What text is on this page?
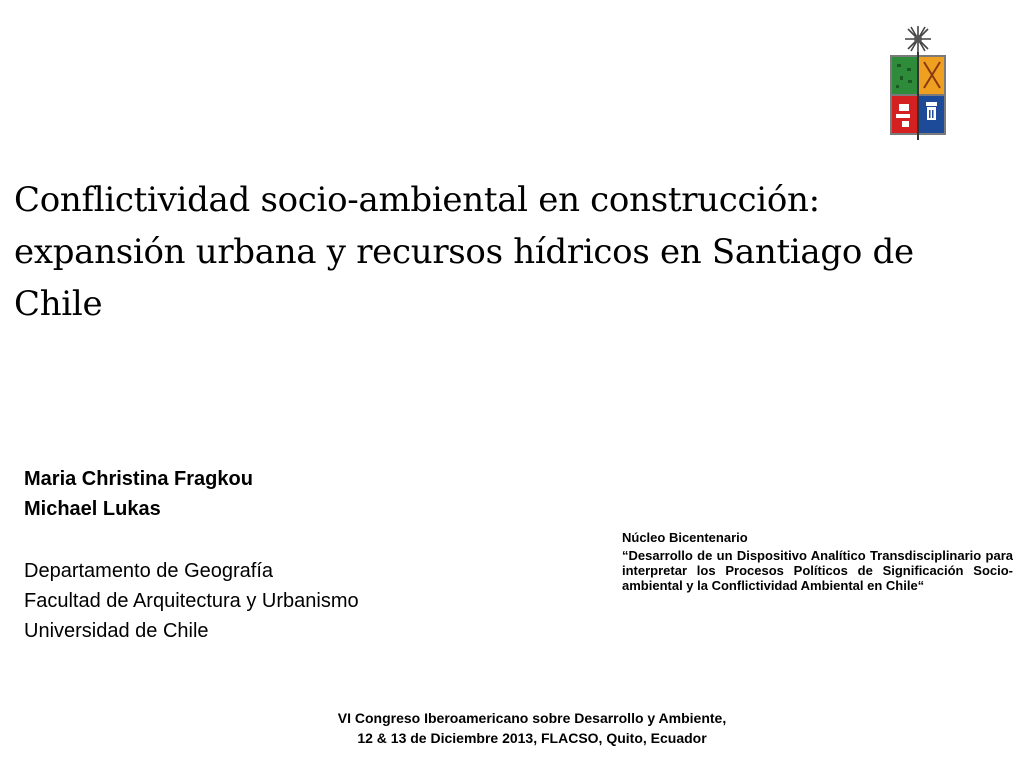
Conflictividad socio-ambiental en construcción:
expansión urbana y recursos hídricos en Santiago de
Chile
Maria Christina Fragkou
Michael Lukas
Departamento de Geografía
Facultad de Arquitectura y Urbanismo
Universidad de Chile
Núcleo Bicentenario
“Desarrollo de un Dispositivo Analítico Transdisciplinario para interpretar los Procesos Políticos de Significación Socio-ambiental y la Conflictividad Ambiental en Chile“
VI Congreso Iberoamericano sobre Desarrollo y Ambiente,
12 & 13 de Diciembre 2013, FLACSO, Quito, Ecuador
